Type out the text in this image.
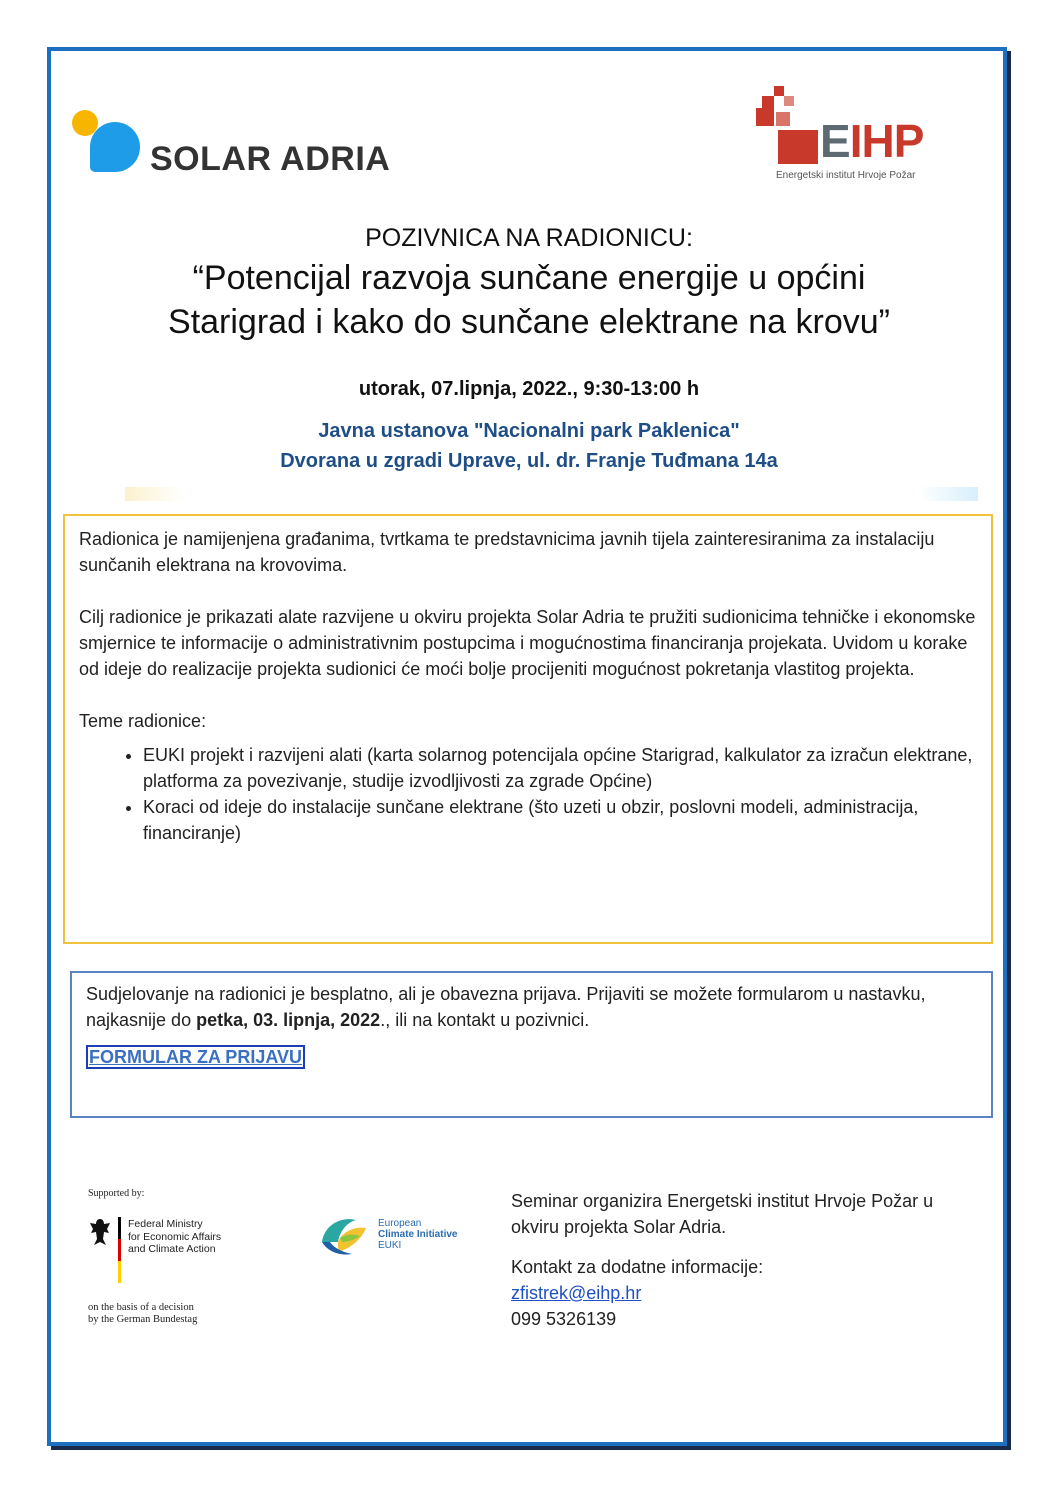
SOLAR ADRIA	EIHP
Energetski institut Hrvoje Požar
POZIVNICA NA RADIONICU:
“Potencijal razvoja sunčane energije u općini
Starigrad i kako do sunčane elektrane na krovu”
utorak, 07.lipnja, 2022., 9:30-13:00 h
Javna ustanova "Nacionalni park Paklenica"
Dvorana u zgradi Uprave, ul. dr. Franje Tuđmana 14a

Radionica je namijenjena građanima, tvrtkama te predstavnicima javnih tijela zainteresiranima za instalaciju sunčanih elektrana na krovovima.

Cilj radionice je prikazati alate razvijene u okviru projekta Solar Adria te pružiti sudionicima tehničke i ekonomske smjernice te informacije o administrativnim postupcima i mogućnostima financiranja projekata. Uvidom u korake od ideje do realizacije projekta sudionici će moći bolje procijeniti mogućnost pokretanja vlastitog projekta.

Teme radionice:

• EUKI projekt i razvijeni alati (karta solarnog potencijala općine Starigrad, kalkulator za izračun elektrane, platforma za povezivanje, studije izvodljivosti za zgrade Općine)
• Koraci od ideje do instalacije sunčane elektrane (što uzeti u obzir, poslovni modeli, administracija, financiranje)

Sudjelovanje na radionici je besplatno, ali je obavezna prijava. Prijaviti se možete formularom u nastavku, najkasnije do petka, 03. lipnja, 2022., ili na kontakt u pozivnici.

FORMULAR ZA PRIJAVU
Supported by:
Federal Ministry
for Economic Affairs
and Climate Action
on the basis of a decision
by the German Bundestag
European
Climate Initiative
EUKI

Seminar organizira Energetski institut Hrvoje Požar u okviru projekta Solar Adria.

Kontakt za dodatne informacije:
zfistrek@eihp.hr
099 5326139
